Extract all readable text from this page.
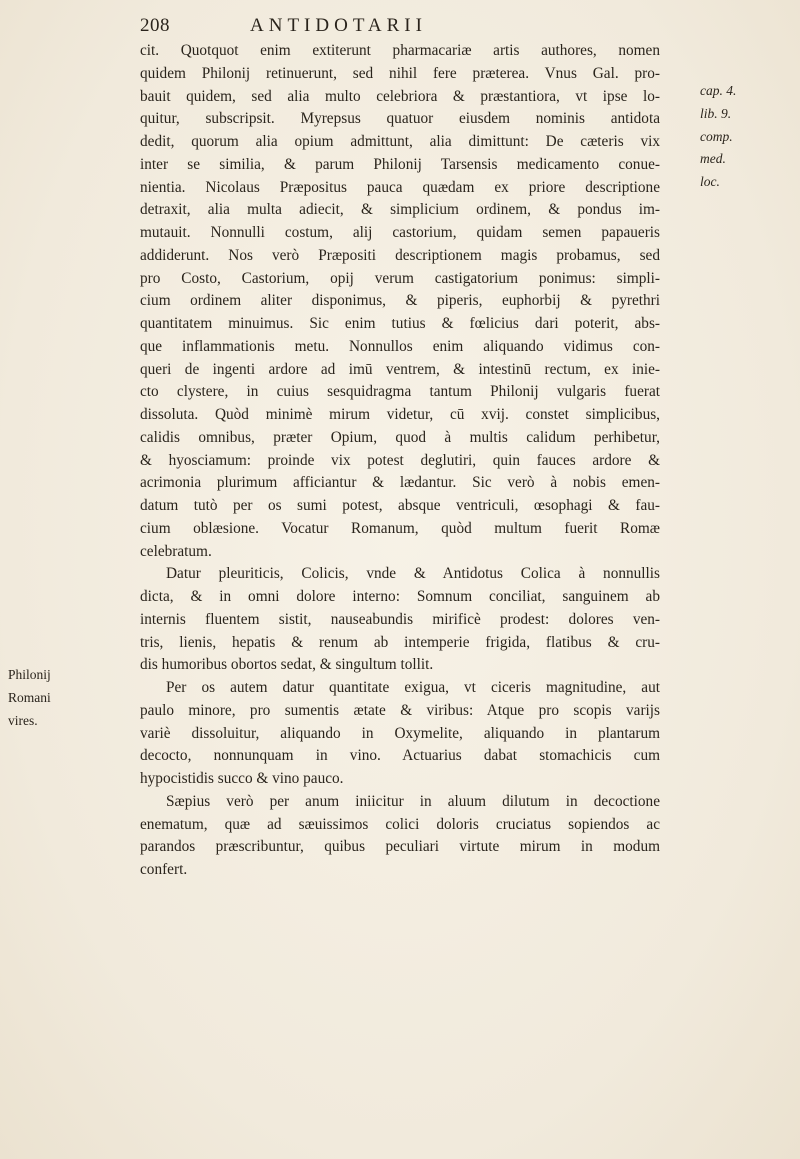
208	ANTIDOTARII
cap. 4.
lib. 9.
comp.
med.
loc.
Philonij
Romani
vires.

cit. Quotquot enim extiterunt pharmacariæ artis authores, nomen
quidem Philonij retinuerunt, sed nihil fere præterea. Vnus Gal. pro-
bauit quidem, sed alia multo celebriora & præstantiora, vt ipse lo-
quitur, subscripsit. Myrepsus quatuor eiusdem nominis antidota
dedit, quorum alia opium admittunt, alia dimittunt: De cæteris vix
inter se similia, & parum Philonij Tarsensis medicamento conue-
nientia. Nicolaus Præpositus pauca quædam ex priore descriptione
detraxit, alia multa adiecit, & simplicium ordinem, & pondus im-
mutauit. Nonnulli costum, alij castorium, quidam semen papaueris
addiderunt. Nos verò Præpositi descriptionem magis probamus, sed
pro Costo, Castorium, opij verum castigatorium ponimus: simpli-
cium ordinem aliter disponimus, & piperis, euphorbij & pyrethri
quantitatem minuimus. Sic enim tutius & fœlicius dari poterit, abs-
que inflammationis metu. Nonnullos enim aliquando vidimus con-
queri de ingenti ardore ad imū ventrem, & intestinū rectum, ex inie-
cto clystere, in cuius sesquidragma tantum Philonij vulgaris fuerat
dissoluta. Quòd minimè mirum videtur, cū xvij. constet simplicibus,
calidis omnibus, præter Opium, quod à multis calidum perhibetur,
& hyosciamum: proinde vix potest deglutiri, quin fauces ardore &
acrimonia plurimum afficiantur & lædantur. Sic verò à nobis emen-
datum tutò per os sumi potest, absque ventriculi, œsophagi & fau-
cium oblæsione. Vocatur Romanum, quòd multum fuerit Romæ
celebratum.

Datur pleuriticis, Colicis, vnde & Antidotus Colica à nonnullis
dicta, & in omni dolore interno: Somnum conciliat, sanguinem ab
internis fluentem sistit, nauseabundis mirificè prodest: dolores ven-
tris, lienis, hepatis & renum ab intemperie frigida, flatibus & cru-
dis humoribus obortos sedat, & singultum tollit.

Per os autem datur quantitate exigua, vt ciceris magnitudine, aut
paulo minore, pro sumentis ætate & viribus: Atque pro scopis varijs
variè dissoluitur, aliquando in Oxymelite, aliquando in plantarum
decocto, nonnunquam in vino. Actuarius dabat stomachicis cum
hypocistidis succo & vino pauco.

Sæpius verò per anum iniicitur in aluum dilutum in decoctione
enematum, quæ ad sæuissimos colici doloris cruciatus sopiendos ac
parandos præscribuntur, quibus peculiari virtute mirum in modum
confert.
